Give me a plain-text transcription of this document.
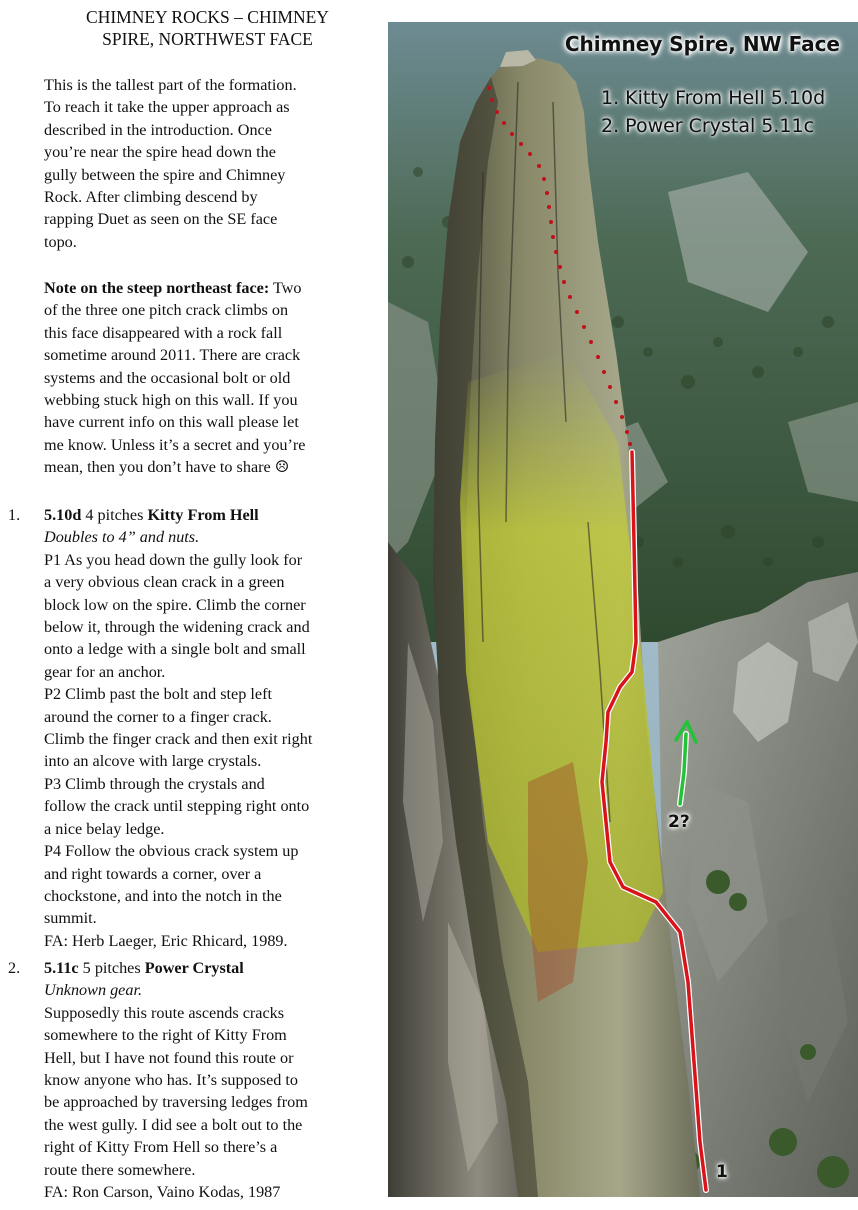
CHIMNEY ROCKS – CHIMNEY
SPIRE, NORTHWEST FACE
This is the tallest part of the formation.
To reach it take the upper approach as
described in the introduction. Once
you’re near the spire head down the
gully between the spire and Chimney
Rock. After climbing descend by
rapping Duet as seen on the SE face
topo.
Note on the steep northeast face: Two
of the three one pitch crack climbs on
this face disappeared with a rock fall
sometime around 2011. There are crack
systems and the occasional bolt or old
webbing stuck high on this wall. If you
have current info on this wall please let
me know. Unless it’s a secret and you’re
mean, then you don’t have to share ☹
1. 5.10d 4 pitches Kitty From Hell
Doubles to 4” and nuts.
P1 As you head down the gully look for
a very obvious clean crack in a green
block low on the spire. Climb the corner
below it, through the widening crack and
onto a ledge with a single bolt and small
gear for an anchor.
P2 Climb past the bolt and step left
around the corner to a finger crack.
Climb the finger crack and then exit right
into an alcove with large crystals.
P3 Climb through the crystals and
follow the crack until stepping right onto
a nice belay ledge.
P4 Follow the obvious crack system up
and right towards a corner, over a
chockstone, and into the notch in the
summit.
FA: Herb Laeger, Eric Rhicard, 1989.
2. 5.11c 5 pitches Power Crystal
Unknown gear.
Supposedly this route ascends cracks
somewhere to the right of Kitty From
Hell, but I have not found this route or
know anyone who has. It’s supposed to
be approached by traversing ledges from
the west gully. I did see a bolt out to the
right of Kitty From Hell so there’s a
route there somewhere.
FA: Ron Carson, Vaino Kodas, 1987
Chimney Spire, NW Face
1. Kitty From Hell 5.10d
2. Power Crystal 5.11c
2?
1
